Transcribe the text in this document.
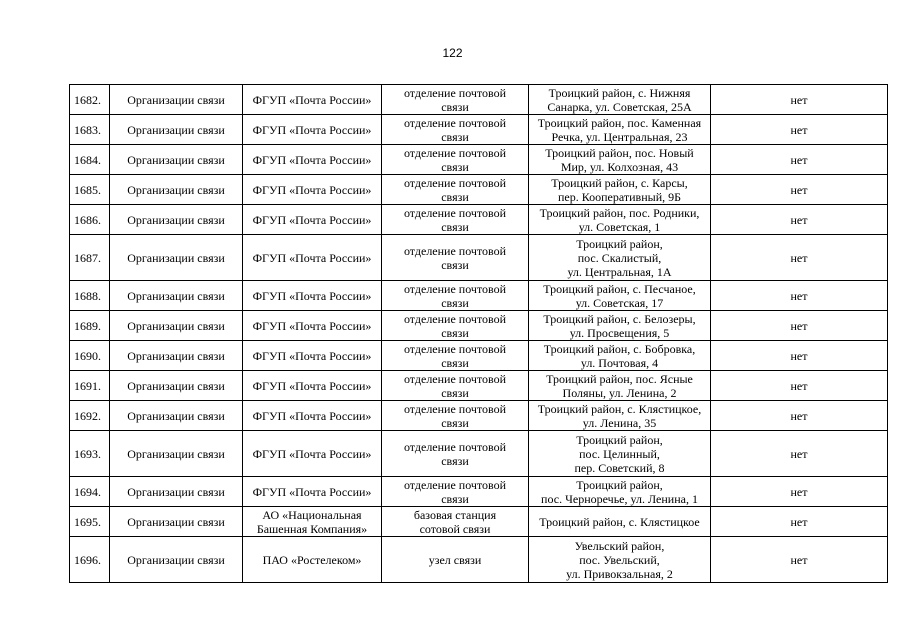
122
1682.	Организации связи	ФГУП «Почта России»	отделение почтовой
связи	Троицкий район, с. Нижняя
Санарка, ул. Советская, 25А	нет
1683.	Организации связи	ФГУП «Почта России»	отделение почтовой
связи	Троицкий район, пос. Каменная
Речка, ул. Центральная, 23	нет
1684.	Организации связи	ФГУП «Почта России»	отделение почтовой
связи	Троицкий район, пос. Новый
Мир, ул. Колхозная, 43	нет
1685.	Организации связи	ФГУП «Почта России»	отделение почтовой
связи	Троицкий район, с. Карсы,
пер. Кооперативный, 9Б	нет
1686.	Организации связи	ФГУП «Почта России»	отделение почтовой
связи	Троицкий район, пос. Родники,
ул. Советская, 1	нет
1687.	Организации связи	ФГУП «Почта России»	отделение почтовой
связи	Троицкий район,
пос. Скалистый,
ул. Центральная, 1А	нет
1688.	Организации связи	ФГУП «Почта России»	отделение почтовой
связи	Троицкий район, с. Песчаное,
ул. Советская, 17	нет
1689.	Организации связи	ФГУП «Почта России»	отделение почтовой
связи	Троицкий район, с. Белозеры,
ул. Просвещения, 5	нет
1690.	Организации связи	ФГУП «Почта России»	отделение почтовой
связи	Троицкий район, с. Бобровка,
ул. Почтовая, 4	нет
1691.	Организации связи	ФГУП «Почта России»	отделение почтовой
связи	Троицкий район, пос. Ясные
Поляны, ул. Ленина, 2	нет
1692.	Организации связи	ФГУП «Почта России»	отделение почтовой
связи	Троицкий район, с. Клястицкое,
ул. Ленина, 35	нет
1693.	Организации связи	ФГУП «Почта России»	отделение почтовой
связи	Троицкий район,
пос. Целинный,
пер. Советский, 8	нет
1694.	Организации связи	ФГУП «Почта России»	отделение почтовой
связи	Троицкий район,
пос. Черноречье, ул. Ленина, 1	нет
1695.	Организации связи	АО «Национальная
Башенная Компания»	базовая станция
сотовой связи	Троицкий район, с. Клястицкое	нет
1696.	Организации связи	ПАО «Ростелеком»	узел связи	Увельский район,
пос. Увельский,
ул. Привокзальная, 2	нет
